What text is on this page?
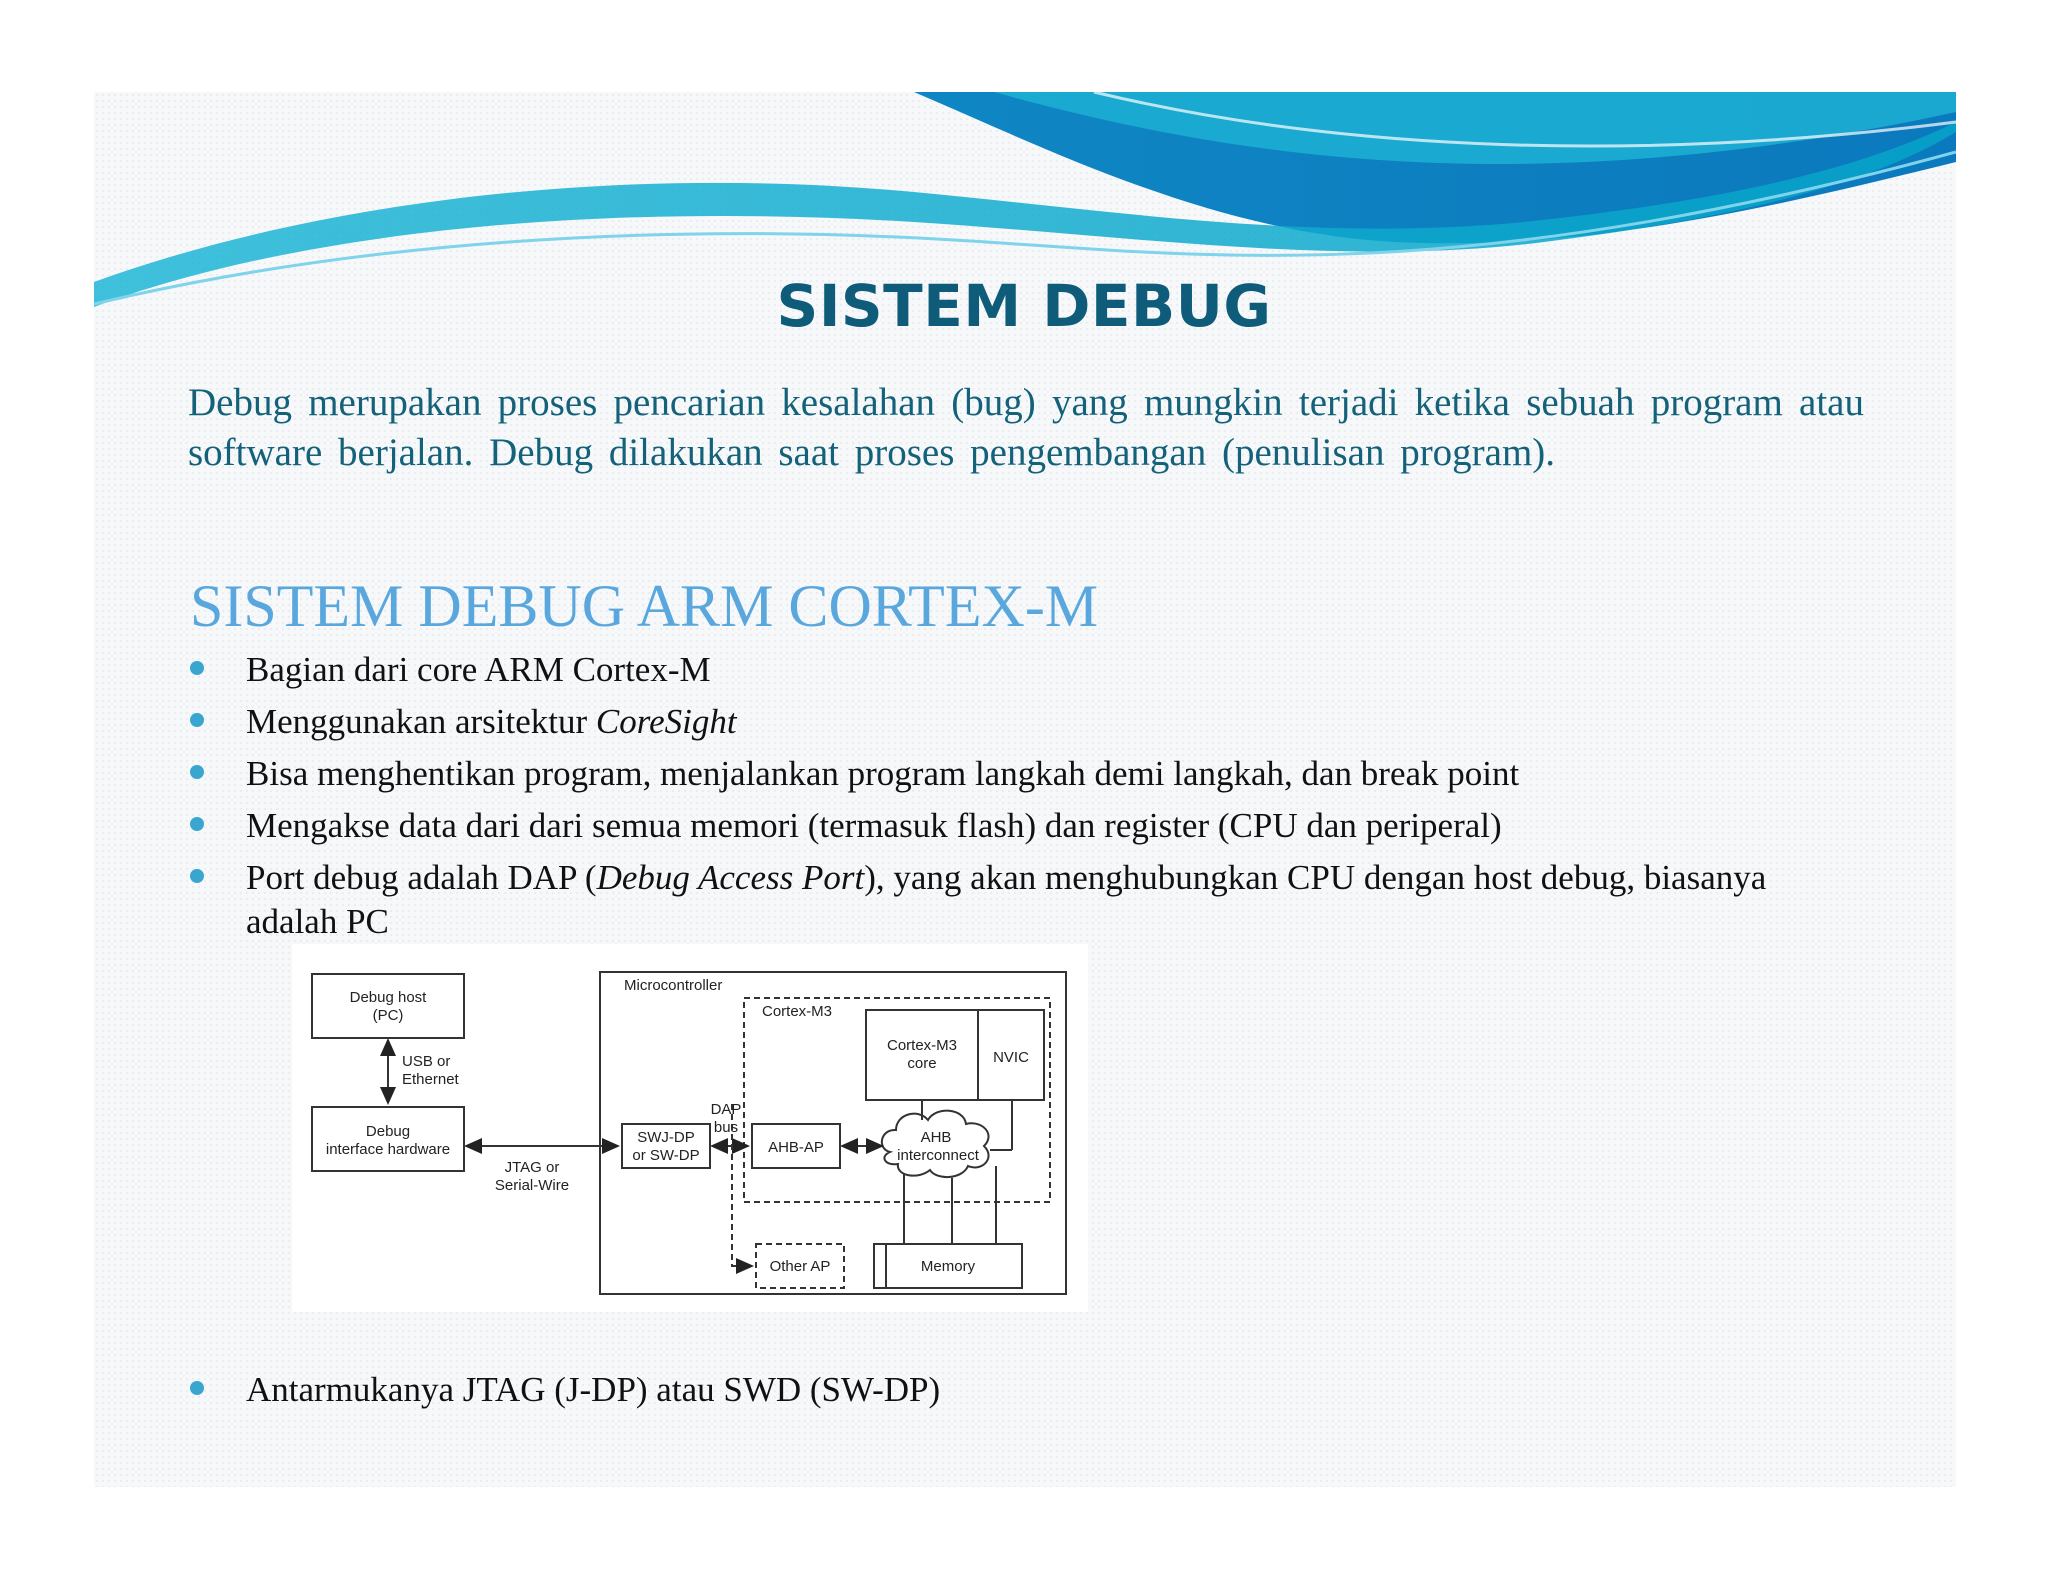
SISTEM DEBUG
Debug merupakan proses pencarian kesalahan (bug) yang mungkin terjadi ketika sebuah program atau software berjalan. Debug dilakukan saat proses pengembangan (penulisan program).
SISTEM DEBUG ARM CORTEX-M
Bagian dari core ARM Cortex-M
Menggunakan arsitektur CoreSight
Bisa menghentikan program, menjalankan program langkah demi langkah, dan break point
Mengakse data dari dari semua memori (termasuk flash) dan register (CPU dan periperal)
Port debug adalah DAP (Debug Access Port), yang akan menghubungkan CPU dengan host debug, biasanya adalah PC
Antarmukanya JTAG (J-DP) atau SWD (SW-DP)
Debug host
(PC)
Debug
interface hardware
Cortex-M3
core	NVIC
SWJ-DP
or SW-DP	AHB-AP
AHB
interconnect
Other AP	Memory
JTAG or
Serial-Wire
DAP
bus
USB or
Ethernet
Microcontroller
Cortex-M3
